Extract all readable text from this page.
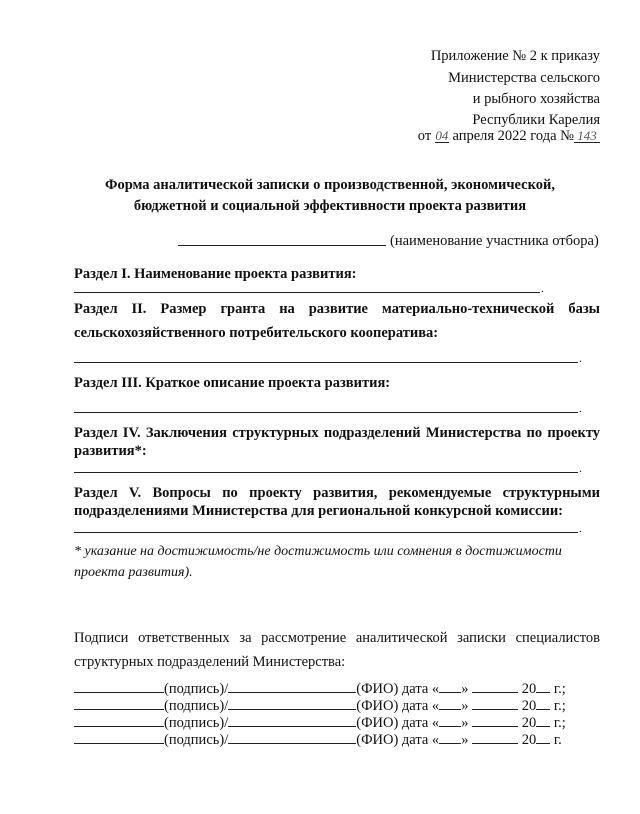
Приложение № 2 к приказу
Министерства сельского
и рыбного хозяйства
Республики Карелия
от 04 апреля 2022 года № 143
Форма аналитической записки о производственной, экономической,
бюджетной и социальной эффективности проекта развития
(наименование участника отбора)
Раздел I. Наименование проекта развития:
.
Раздел II. Размер гранта на развитие материально-технической базы
сельскохозяйственного потребительского кооператива:
.
Раздел III. Краткое описание проекта развития:
.
Раздел IV. Заключения структурных подразделений Министерства по проекту
развития*:
.
Раздел V. Вопросы по проекту развития, рекомендуемые структурными
подразделениями Министерства для региональной конкурсной комиссии:
.
* указание на достижимость/не достижимость или сомнения в достижимости
проекта развития).
Подписи ответственных за рассмотрение аналитической записки специалистов
структурных подразделений Министерства:
(подпись)/	(ФИО) дата « »	20 г.;
(подпись)/	(ФИО) дата « »	20 г.;
(подпись)/	(ФИО) дата « »	20 г.;
(подпись)/	(ФИО) дата « »	20 г.
